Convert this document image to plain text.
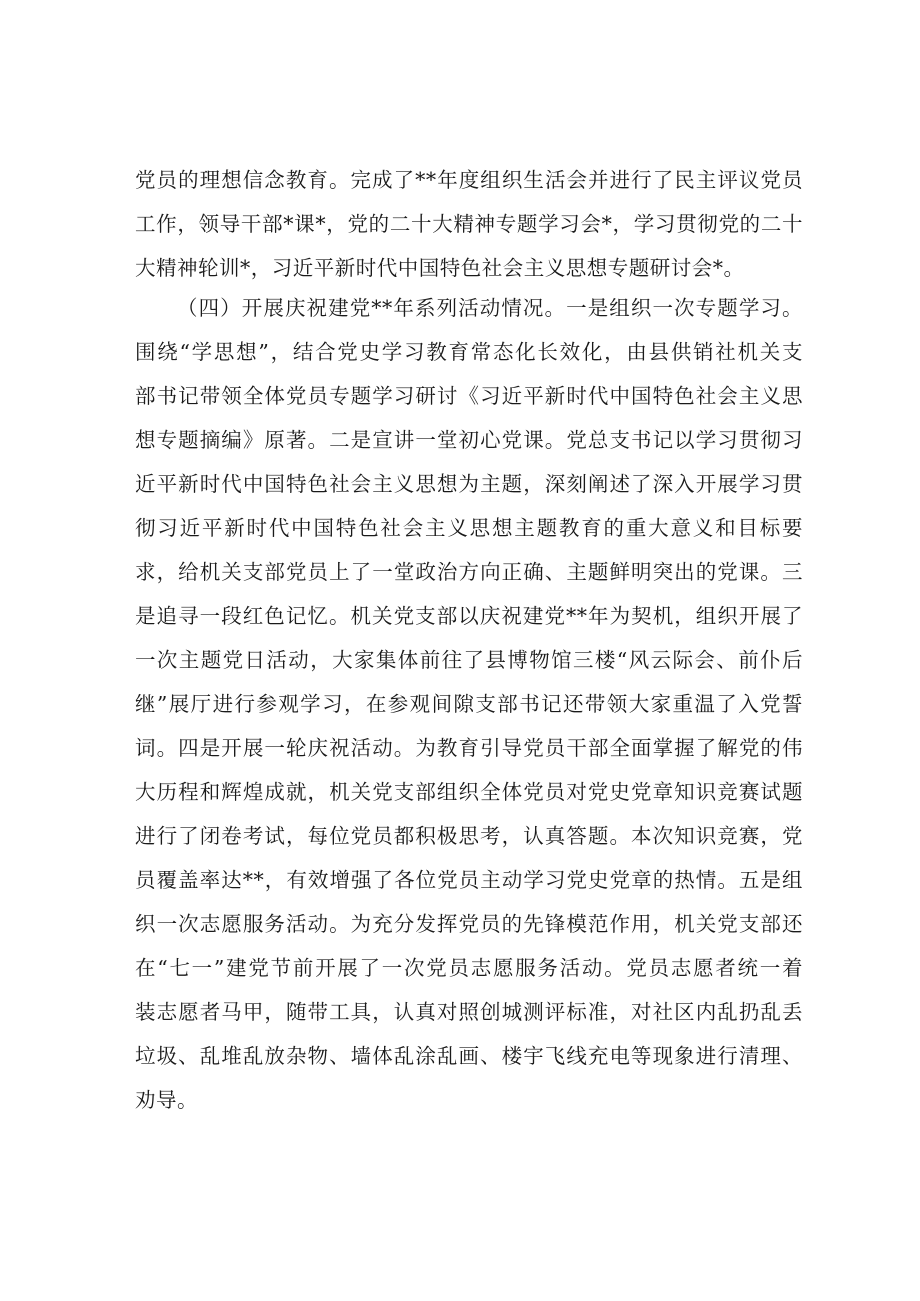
党员的理想信念教育。完成了**年度组织生活会并进行了民主评议党员
工作，领导干部*课*，党的二十大精神专题学习会*，学习贯彻党的二十
大精神轮训*，习近平新时代中国特色社会主义思想专题研讨会*。
（四）开展庆祝建党**年系列活动情况。一是组织一次专题学习。
围绕“学思想”，结合党史学习教育常态化长效化，由县供销社机关支
部书记带领全体党员专题学习研讨《习近平新时代中国特色社会主义思
想专题摘编》原著。二是宣讲一堂初心党课。党总支书记以学习贯彻习
近平新时代中国特色社会主义思想为主题，深刻阐述了深入开展学习贯
彻习近平新时代中国特色社会主义思想主题教育的重大意义和目标要
求，给机关支部党员上了一堂政治方向正确、主题鲜明突出的党课。三
是追寻一段红色记忆。机关党支部以庆祝建党**年为契机，组织开展了
一次主题党日活动，大家集体前往了县博物馆三楼“风云际会、前仆后
继”展厅进行参观学习，在参观间隙支部书记还带领大家重温了入党誓
词。四是开展一轮庆祝活动。为教育引导党员干部全面掌握了解党的伟
大历程和辉煌成就，机关党支部组织全体党员对党史党章知识竞赛试题
进行了闭卷考试，每位党员都积极思考，认真答题。本次知识竞赛，党
员覆盖率达**，有效增强了各位党员主动学习党史党章的热情。五是组
织一次志愿服务活动。为充分发挥党员的先锋模范作用，机关党支部还
在“七一”建党节前开展了一次党员志愿服务活动。党员志愿者统一着
装志愿者马甲，随带工具，认真对照创城测评标准，对社区内乱扔乱丢
垃圾、乱堆乱放杂物、墙体乱涂乱画、楼宇飞线充电等现象进行清理、
劝导。
